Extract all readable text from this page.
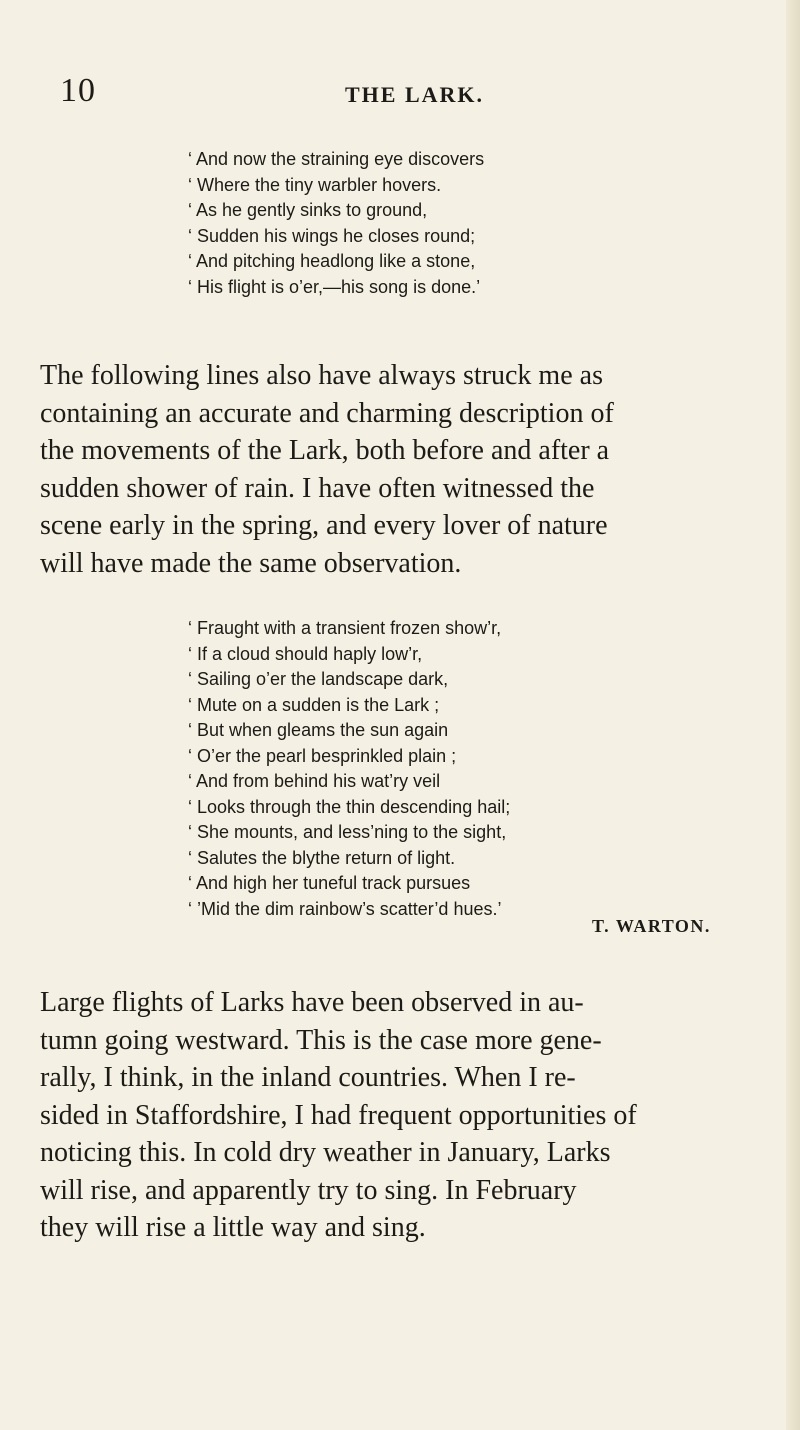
10	THE LARK.
‘ And now the straining eye discovers
‘ Where the tiny warbler hovers.
‘ As he gently sinks to ground,
‘ Sudden his wings he closes round;
‘ And pitching headlong like a stone,
‘ His flight is o’er,—his song is done.’
The following lines also have always struck me as
containing an accurate and charming description of
the movements of the Lark, both before and after a
sudden shower of rain. I have often witnessed the
scene early in the spring, and every lover of nature
will have made the same observation.
‘ Fraught with a transient frozen show’r,
‘ If a cloud should haply low’r,
‘ Sailing o’er the landscape dark,
‘ Mute on a sudden is the Lark ;
‘ But when gleams the sun again
‘ O’er the pearl besprinkled plain ;
‘ And from behind his wat’ry veil
‘ Looks through the thin descending hail;
‘ She mounts, and less’ning to the sight,
‘ Salutes the blythe return of light.
‘ And high her tuneful track pursues
‘ ’Mid the dim rainbow’s scatter’d hues.’
T. WARTON.
Large flights of Larks have been observed in au-
tumn going westward. This is the case more gene-
rally, I think, in the inland countries. When I re-
sided in Staffordshire, I had frequent opportunities of
noticing this. In cold dry weather in January, Larks
will rise, and apparently try to sing. In February
they will rise a little way and sing.
